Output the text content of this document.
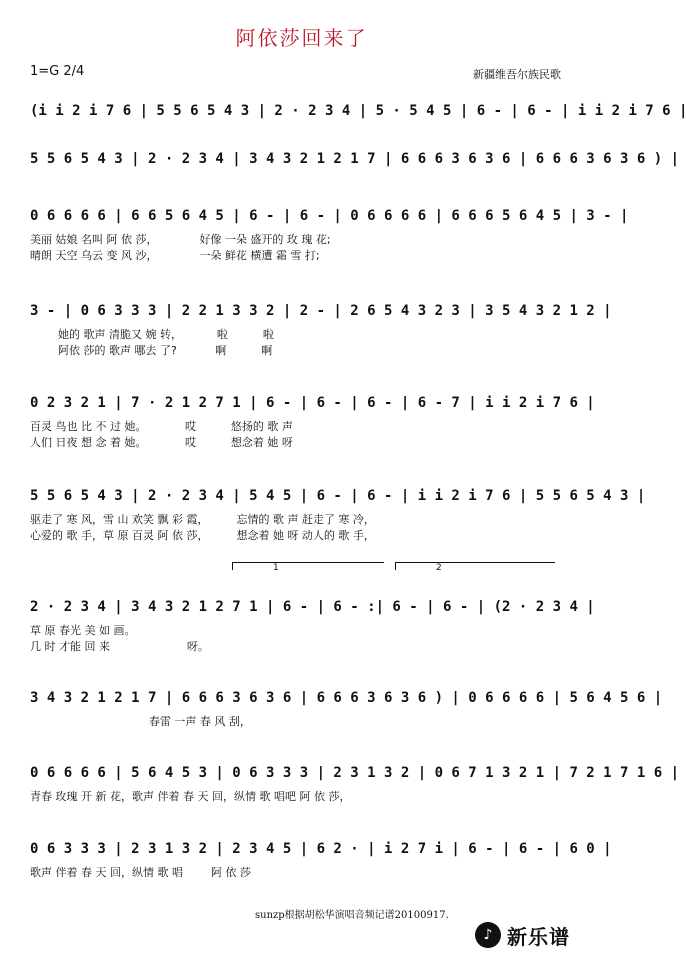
阿依莎回来了
1=G 2/4	新疆维吾尔族民歌
(i i 2 i 7 6 | 5 5 6 5 4 3 | 2 · 2 3 4 | 5 · 5 4 5 | 6 - | 6 - | i i 2 i 7 6 |
5 5 6 5 4 3 | 2 · 2 3 4 | 3 4 3 2 1 2 1 7 | 6 6 6 3 6 3 6 | 6 6 6 3 6 3 6 ) |
0 6 6 6 6 | 6 6 5 6 4 5 | 6 - | 6 - | 0 6 6 6 6 | 6 6 6 5 6 4 5 | 3 - |
美丽 姑娘 名叫 阿 依 莎，            好像 一朵 盛开的 玫 瑰 花;
晴朗 天空 乌云 变 风 沙，            一朵 鲜花 横遭 霜 雪 打;
3 - | 0 6 3 3 3 | 2 2 1 3 3 2 | 2 - | 2 6 5 4 3 2 3 | 3 5 4 3 2 1 2 |
她的 歌声 清脆又 婉 转，          啦          啦
阿依 莎的 歌声 哪去 了?           啊          啊
0 2 3 2 1 | 7 · 2 1 2 7 1 | 6 - | 6 - | 6 - | 6 - 7 | i i 2 i 7 6 |
百灵 鸟也 比 不 过 她。           哎          悠扬的 歌 声
人们 日夜 想 念 着 她。           哎          想念着 她 呀
5 5 6 5 4 3 | 2 · 2 3 4 | 5 4 5 | 6 - | 6 - | i i 2 i 7 6 | 5 5 6 5 4 3 |
驱走了 寒 风，雪 山 欢笑 飘 彩 霞，        忘情的 歌 声 赶走了 寒 冷，
心爱的 歌 手，草 原 百灵 阿 依 莎，        想念着 她 呀 动人的 歌 手，
1	2
2 · 2 3 4 | 3 4 3 2 1 2 7 1 | 6 - | 6 - :| 6 - | 6 - | (2 · 2 3 4 |
草 原 春光 美 如 画。
几 时 才能 回 来                      呀。
3 4 3 2 1 2 1 7 | 6 6 6 3 6 3 6 | 6 6 6 3 6 3 6 ) | 0 6 6 6 6 | 5 6 4 5 6 |
春雷 一声 春 风 刮，
0 6 6 6 6 | 5 6 4 5 3 | 0 6 3 3 3 | 2 3 1 3 2 | 0 6 7 1 3 2 1 | 7 2 1 7 1 6 |
青春 玫瑰 开 新 花，歌声 伴着 春 天 回，纵情 歌 唱吧 阿 依 莎，
0 6 3 3 3 | 2 3 1 3 2 | 2 3 4 5 | 6 2 · | i 2 7 i | 6 - | 6 - | 6 0 |
歌声 伴着 春 天 回，纵情 歌 唱        阿 依 莎
sunzp根据胡松华演唱音频记谱20100917.
♪ 新乐谱
